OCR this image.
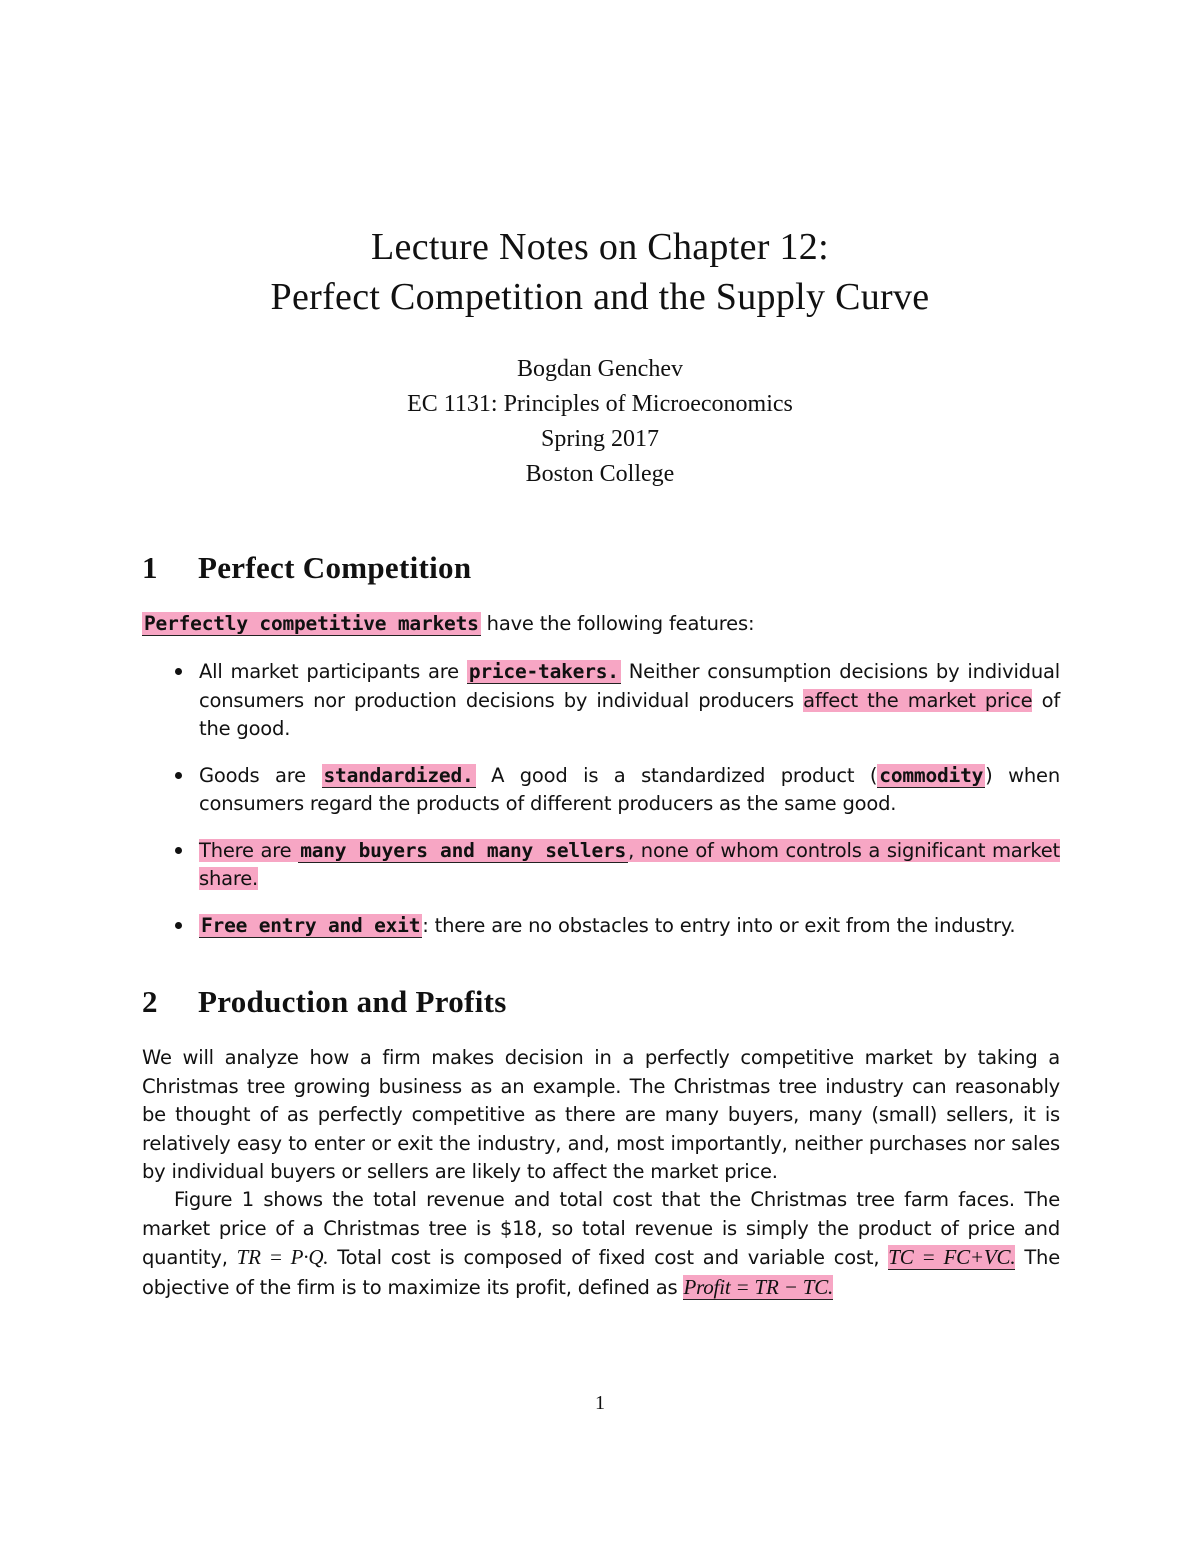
Lecture Notes on Chapter 12:
Perfect Competition and the Supply Curve
Bogdan Genchev
EC 1131: Principles of Microeconomics
Spring 2017
Boston College
1 Perfect Competition
Perfectly competitive markets have the following features:
All market participants are price-takers. Neither consumption decisions by individual consumers nor production decisions by individual producers affect the market price of the good.
Goods are standardized. A good is a standardized product ( commodity ) when consumers regard the products of different producers as the same good.
There are many buyers and many sellers , none of whom controls a significant market share.
Free entry and exit : there are no obstacles to entry into or exit from the industry.
2 Production and Profits
We will analyze how a firm makes decision in a perfectly competitive market by taking a Christmas tree growing business as an example. The Christmas tree industry can reasonably be thought of as perfectly competitive as there are many buyers, many (small) sellers, it is relatively easy to enter or exit the industry, and, most importantly, neither purchases nor sales by individual buyers or sellers are likely to affect the market price.
Figure 1 shows the total revenue and total cost that the Christmas tree farm faces. The market price of a Christmas tree is $18, so total revenue is simply the product of price and quantity, TR = P·Q. Total cost is composed of fixed cost and variable cost, TC = FC+VC. The objective of the firm is to maximize its profit, defined as Profit = TR − TC.
1
